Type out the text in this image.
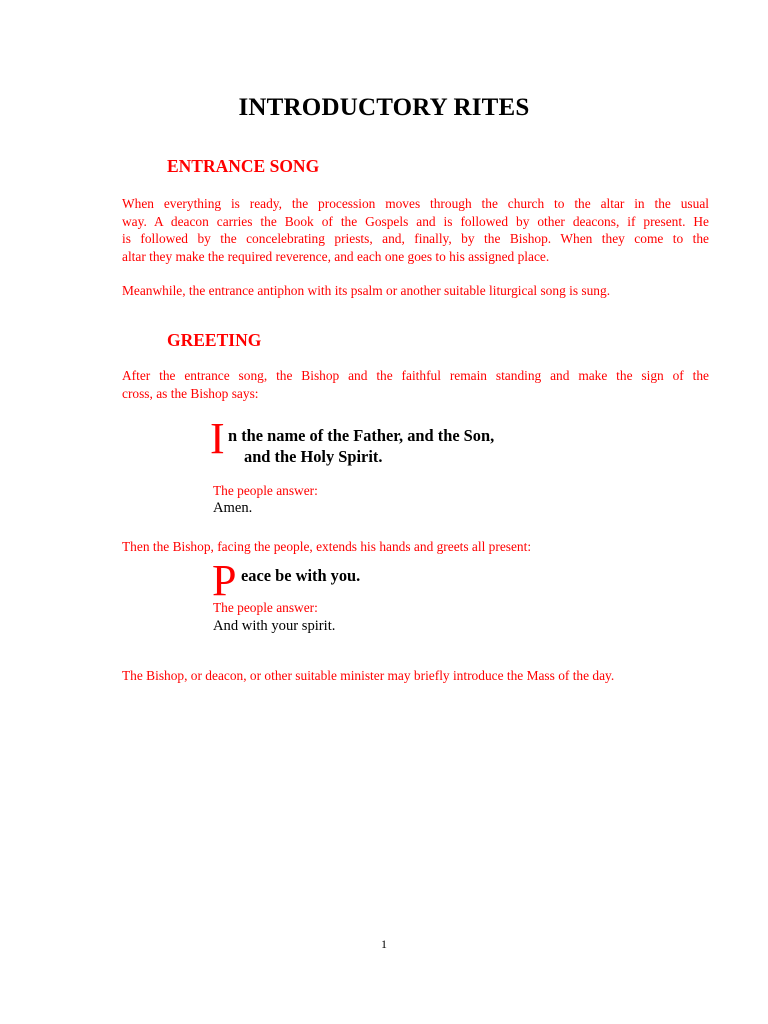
INTRODUCTORY RITES
ENTRANCE SONG
When everything is ready, the procession moves through the church to the altar in the usual
way. A deacon carries the Book of the Gospels and is followed by other deacons, if present. He
is followed by the concelebrating priests, and, finally, by the Bishop. When they come to the
altar they make the required reverence, and each one goes to his assigned place.

Meanwhile, the entrance antiphon with its psalm or another suitable liturgical song is sung.

GREETING
After the entrance song, the Bishop and the faithful remain standing and make the sign of the
cross, as the Bishop says:
I n the name of the Father, and the Son,
and the Holy Spirit.
The people answer:
Amen.

Then the Bishop, facing the people, extends his hands and greets all present:

P eace be with you.
The people answer:
And with your spirit.

The Bishop, or deacon, or other suitable minister may briefly introduce the Mass of the day.

1
